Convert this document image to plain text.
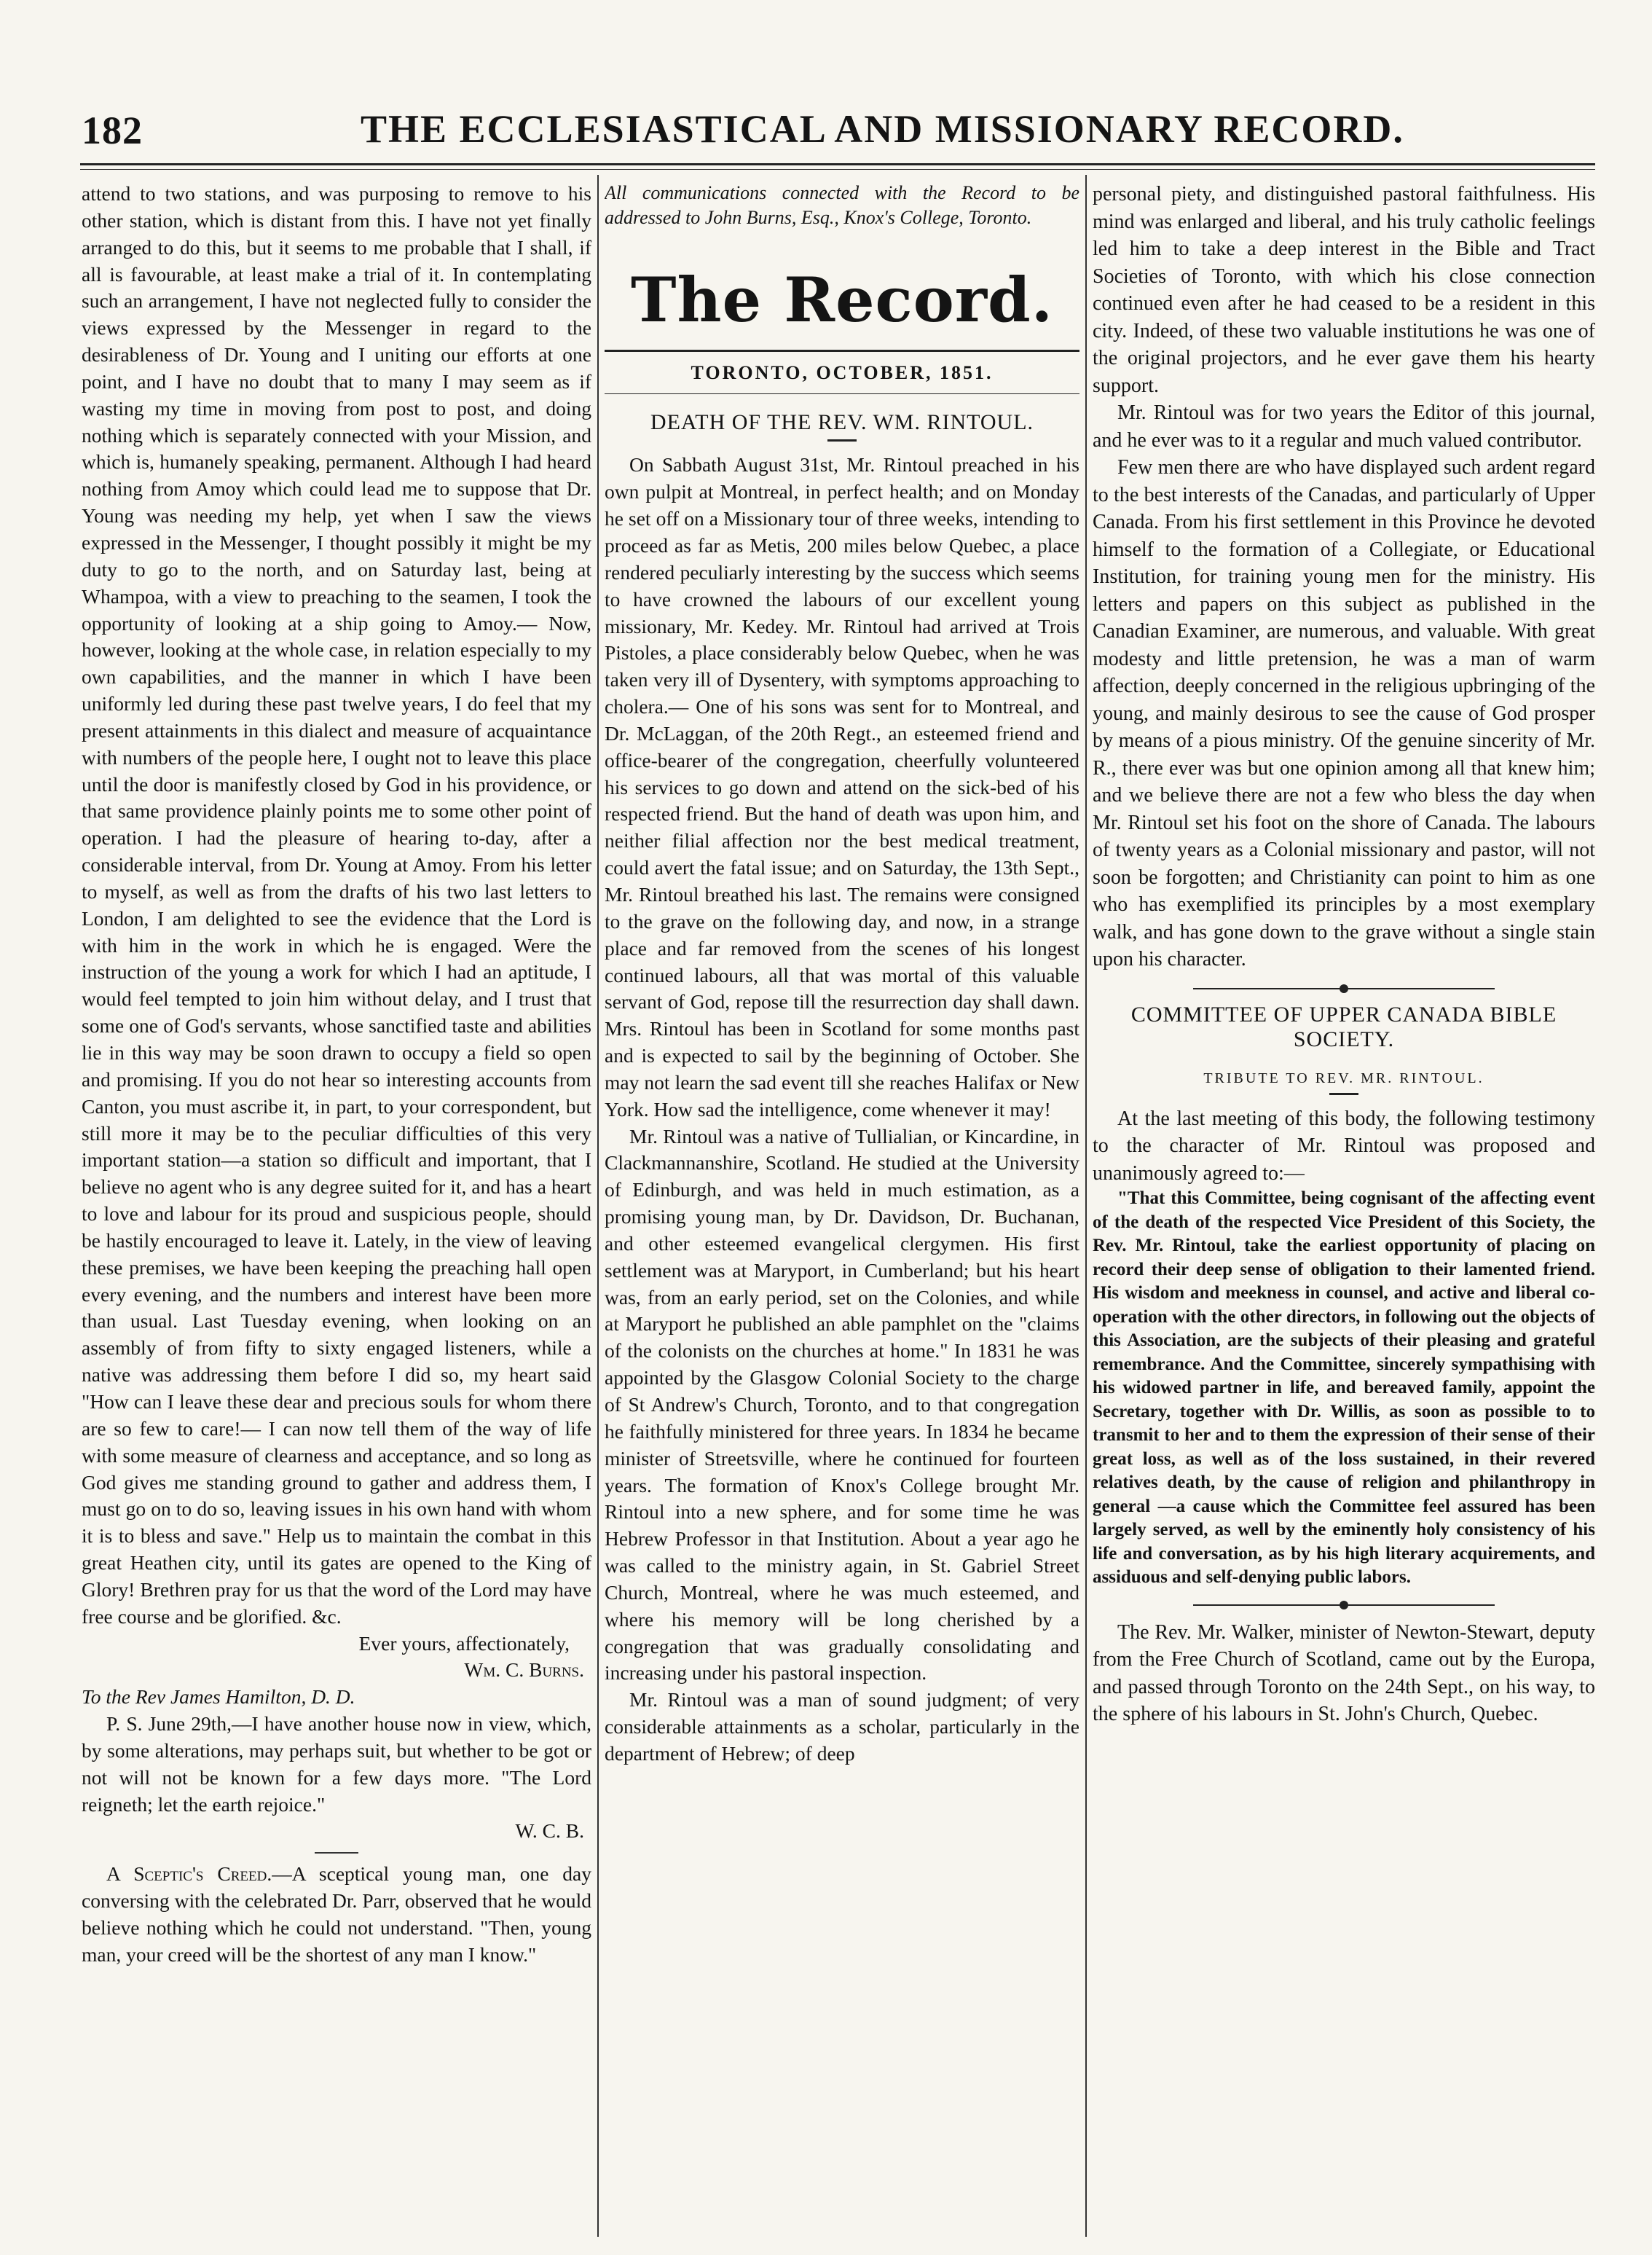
182	THE ECCLESIASTICAL AND MISSIONARY RECORD.

attend to two stations, and was purposing to remove to his other station, which is distant from this. I have not yet finally arranged to do this, but it seems to me probable that I shall, if all is favourable, at least make a trial of it. In contemplating such an arrangement, I have not neglected fully to consider the views expressed by the Messenger in regard to the desirableness of Dr. Young and I uniting our efforts at one point, and I have no doubt that to many I may seem as if wasting my time in moving from post to post, and doing nothing which is separately connected with your Mission, and which is, humanely speaking, permanent. Although I had heard nothing from Amoy which could lead me to suppose that Dr. Young was needing my help, yet when I saw the views expressed in the Messenger, I thought possibly it might be my duty to go to the north, and on Saturday last, being at Whampoa, with a view to preaching to the seamen, I took the opportunity of looking at a ship going to Amoy.— Now, however, looking at the whole case, in relation especially to my own capabilities, and the manner in which I have been uniformly led during these past twelve years, I do feel that my present attainments in this dialect and measure of acquaintance with numbers of the people here, I ought not to leave this place until the door is manifestly closed by God in his providence, or that same providence plainly points me to some other point of operation. I had the pleasure of hearing to-day, after a considerable interval, from Dr. Young at Amoy. From his letter to myself, as well as from the drafts of his two last letters to London, I am delighted to see the evidence that the Lord is with him in the work in which he is engaged. Were the instruction of the young a work for which I had an aptitude, I would feel tempted to join him without delay, and I trust that some one of God's servants, whose sanctified taste and abilities lie in this way may be soon drawn to occupy a field so open and promising. If you do not hear so interesting accounts from Canton, you must ascribe it, in part, to your correspondent, but still more it may be to the peculiar difficulties of this very important station—a station so difficult and important, that I believe no agent who is any degree suited for it, and has a heart to love and labour for its proud and suspicious people, should be hastily encouraged to leave it. Lately, in the view of leaving these premises, we have been keeping the preaching hall open every evening, and the numbers and interest have been more than usual. Last Tuesday evening, when looking on an assembly of from fifty to sixty engaged listeners, while a native was addressing them before I did so, my heart said "How can I leave these dear and precious souls for whom there are so few to care!— I can now tell them of the way of life with some measure of clearness and acceptance, and so long as God gives me standing ground to gather and address them, I must go on to do so, leaving issues in his own hand with whom it is to bless and save." Help us to maintain the combat in this great Heathen city, until its gates are opened to the King of Glory! Brethren pray for us that the word of the Lord may have free course and be glorified. &c.

Ever yours, affectionately,

Wm. C. Burns.

To the Rev James Hamilton, D. D.

P. S. June 29th,—I have another house now in view, which, by some alterations, may perhaps suit, but whether to be got or not will not be known for a few days more. "The Lord reigneth; let the earth rejoice."

W. C. B.

A Sceptic's Creed.—A sceptical young man, one day conversing with the celebrated Dr. Parr, observed that he would believe nothing which he could not understand. "Then, young man, your creed will be the shortest of any man I know."

All communications connected with the Record to be addressed to John Burns, Esq., Knox's College, Toronto.

The Record.
TORONTO, OCTOBER, 1851.
DEATH OF THE REV. WM. RINTOUL.

On Sabbath August 31st, Mr. Rintoul preached in his own pulpit at Montreal, in perfect health; and on Monday he set off on a Missionary tour of three weeks, intending to proceed as far as Metis, 200 miles below Quebec, a place rendered peculiarly interesting by the success which seems to have crowned the labours of our excellent young missionary, Mr. Kedey. Mr. Rintoul had arrived at Trois Pistoles, a place considerably below Quebec, when he was taken very ill of Dysentery, with symptoms approaching to cholera.— One of his sons was sent for to Montreal, and Dr. McLaggan, of the 20th Regt., an esteemed friend and office-bearer of the congregation, cheerfully volunteered his services to go down and attend on the sick-bed of his respected friend. But the hand of death was upon him, and neither filial affection nor the best medical treatment, could avert the fatal issue; and on Saturday, the 13th Sept., Mr. Rintoul breathed his last. The remains were consigned to the grave on the following day, and now, in a strange place and far removed from the scenes of his longest continued labours, all that was mortal of this valuable servant of God, repose till the resurrection day shall dawn. Mrs. Rintoul has been in Scotland for some months past and is expected to sail by the beginning of October. She may not learn the sad event till she reaches Halifax or New York. How sad the intelligence, come whenever it may!

Mr. Rintoul was a native of Tullialian, or Kincardine, in Clackmannanshire, Scotland. He studied at the University of Edinburgh, and was held in much estimation, as a promising young man, by Dr. Davidson, Dr. Buchanan, and other esteemed evangelical clergymen. His first settlement was at Maryport, in Cumberland; but his heart was, from an early period, set on the Colonies, and while at Maryport he published an able pamphlet on the "claims of the colonists on the churches at home." In 1831 he was appointed by the Glasgow Colonial Society to the charge of St Andrew's Church, Toronto, and to that congregation he faithfully ministered for three years. In 1834 he became minister of Streetsville, where he continued for fourteen years. The formation of Knox's College brought Mr. Rintoul into a new sphere, and for some time he was Hebrew Professor in that Institution. About a year ago he was called to the ministry again, in St. Gabriel Street Church, Montreal, where he was much esteemed, and where his memory will be long cherished by a congregation that was gradually consolidating and increasing under his pastoral inspection.

Mr. Rintoul was a man of sound judgment; of very considerable attainments as a scholar, particularly in the department of Hebrew; of deep

personal piety, and distinguished pastoral faithfulness. His mind was enlarged and liberal, and his truly catholic feelings led him to take a deep interest in the Bible and Tract Societies of Toronto, with which his close connection continued even after he had ceased to be a resident in this city. Indeed, of these two valuable institutions he was one of the original projectors, and he ever gave them his hearty support.

Mr. Rintoul was for two years the Editor of this journal, and he ever was to it a regular and much valued contributor.

Few men there are who have displayed such ardent regard to the best interests of the Canadas, and particularly of Upper Canada. From his first settlement in this Province he devoted himself to the formation of a Collegiate, or Educational Institution, for training young men for the ministry. His letters and papers on this subject as published in the Canadian Examiner, are numerous, and valuable. With great modesty and little pretension, he was a man of warm affection, deeply concerned in the religious upbringing of the young, and mainly desirous to see the cause of God prosper by means of a pious ministry. Of the genuine sincerity of Mr. R., there ever was but one opinion among all that knew him; and we believe there are not a few who bless the day when Mr. Rintoul set his foot on the shore of Canada. The labours of twenty years as a Colonial missionary and pastor, will not soon be forgotten; and Christianity can point to him as one who has exemplified its principles by a most exemplary walk, and has gone down to the grave without a single stain upon his character.

COMMITTEE OF UPPER CANADA BIBLE SOCIETY.
TRIBUTE TO REV. MR. RINTOUL.

At the last meeting of this body, the following testimony to the character of Mr. Rintoul was proposed and unanimously agreed to:—

"That this Committee, being cognisant of the affecting event of the death of the respected Vice President of this Society, the Rev. Mr. Rintoul, take the earliest opportunity of placing on record their deep sense of obligation to their lamented friend. His wisdom and meekness in counsel, and active and liberal co-operation with the other directors, in following out the objects of this Association, are the subjects of their pleasing and grateful remembrance. And the Committee, sincerely sympathising with his widowed partner in life, and bereaved family, appoint the Secretary, together with Dr. Willis, as soon as possible to to transmit to her and to them the expression of their sense of their great loss, as well as of the loss sustained, in their revered relatives death, by the cause of religion and philanthropy in general —a cause which the Committee feel assured has been largely served, as well by the eminently holy consistency of his life and conversation, as by his high literary acquirements, and assiduous and self-denying public labors.

The Rev. Mr. Walker, minister of Newton-Stewart, deputy from the Free Church of Scotland, came out by the Europa, and passed through Toronto on the 24th Sept., on his way, to the sphere of his labours in St. John's Church, Quebec.
